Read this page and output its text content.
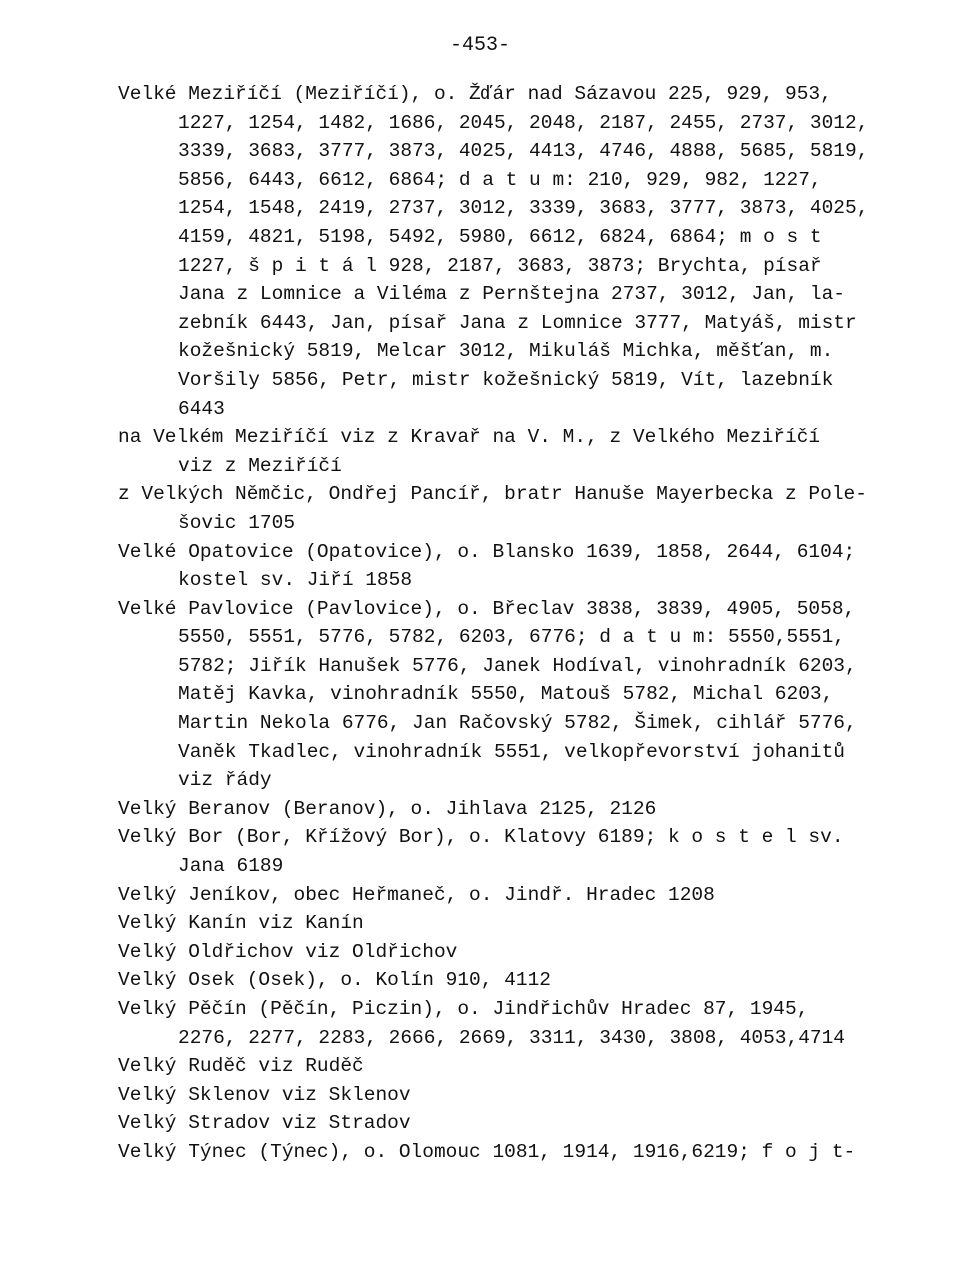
-453-
Velké Meziříčí (Meziříčí), o. Žďár nad Sázavou 225, 929, 953,
1227, 1254, 1482, 1686, 2045, 2048, 2187, 2455, 2737, 3012,
3339, 3683, 3777, 3873, 4025, 4413, 4746, 4888, 5685, 5819,
5856, 6443, 6612, 6864; d a t u m: 210, 929, 982, 1227,
1254, 1548, 2419, 2737, 3012, 3339, 3683, 3777, 3873, 4025,
4159, 4821, 5198, 5492, 5980, 6612, 6824, 6864; m o s t
1227, š p i t á l 928, 2187, 3683, 3873; Brychta, písař
Jana z Lomnice a Viléma z Pernštejna 2737, 3012, Jan, la-
zebník 6443, Jan, písař Jana z Lomnice 3777, Matyáš, mistr
kožešnický 5819, Melcar 3012, Mikuláš Michka, měšťan, m.
Voršily 5856, Petr, mistr kožešnický 5819, Vít, lazebník
6443
na Velkém Meziříčí viz z Kravař na V. M., z Velkého Meziříčí
viz z Meziříčí
z Velkých Němčic, Ondřej Pancíř, bratr Hanuše Mayerbecka z Pole-
šovic 1705
Velké Opatovice (Opatovice), o. Blansko 1639, 1858, 2644, 6104;
kostel sv. Jiří 1858
Velké Pavlovice (Pavlovice), o. Břeclav 3838, 3839, 4905, 5058,
5550, 5551, 5776, 5782, 6203, 6776; d a t u m: 5550,5551,
5782; Jiřík Hanušek 5776, Janek Hodíval, vinohradník 6203,
Matěj Kavka, vinohradník 5550, Matouš 5782, Michal 6203,
Martin Nekola 6776, Jan Račovský 5782, Šimek, cihlář 5776,
Vaněk Tkadlec, vinohradník 5551, velkopřevorství johanitů
viz řády
Velký Beranov (Beranov), o. Jihlava 2125, 2126
Velký Bor (Bor, Křížový Bor), o. Klatovy 6189; k o s t e l sv.
Jana 6189
Velký Jeníkov, obec Heřmaneč, o. Jindř. Hradec 1208
Velký Kanín viz Kanín
Velký Oldřichov viz Oldřichov
Velký Osek (Osek), o. Kolín 910, 4112
Velký Pěčín (Pěčín, Piczin), o. Jindřichův Hradec 87, 1945,
2276, 2277, 2283, 2666, 2669, 3311, 3430, 3808, 4053,4714
Velký Ruděč viz Ruděč
Velký Sklenov viz Sklenov
Velký Stradov viz Stradov
Velký Týnec (Týnec), o. Olomouc 1081, 1914, 1916,6219; f o j t-
